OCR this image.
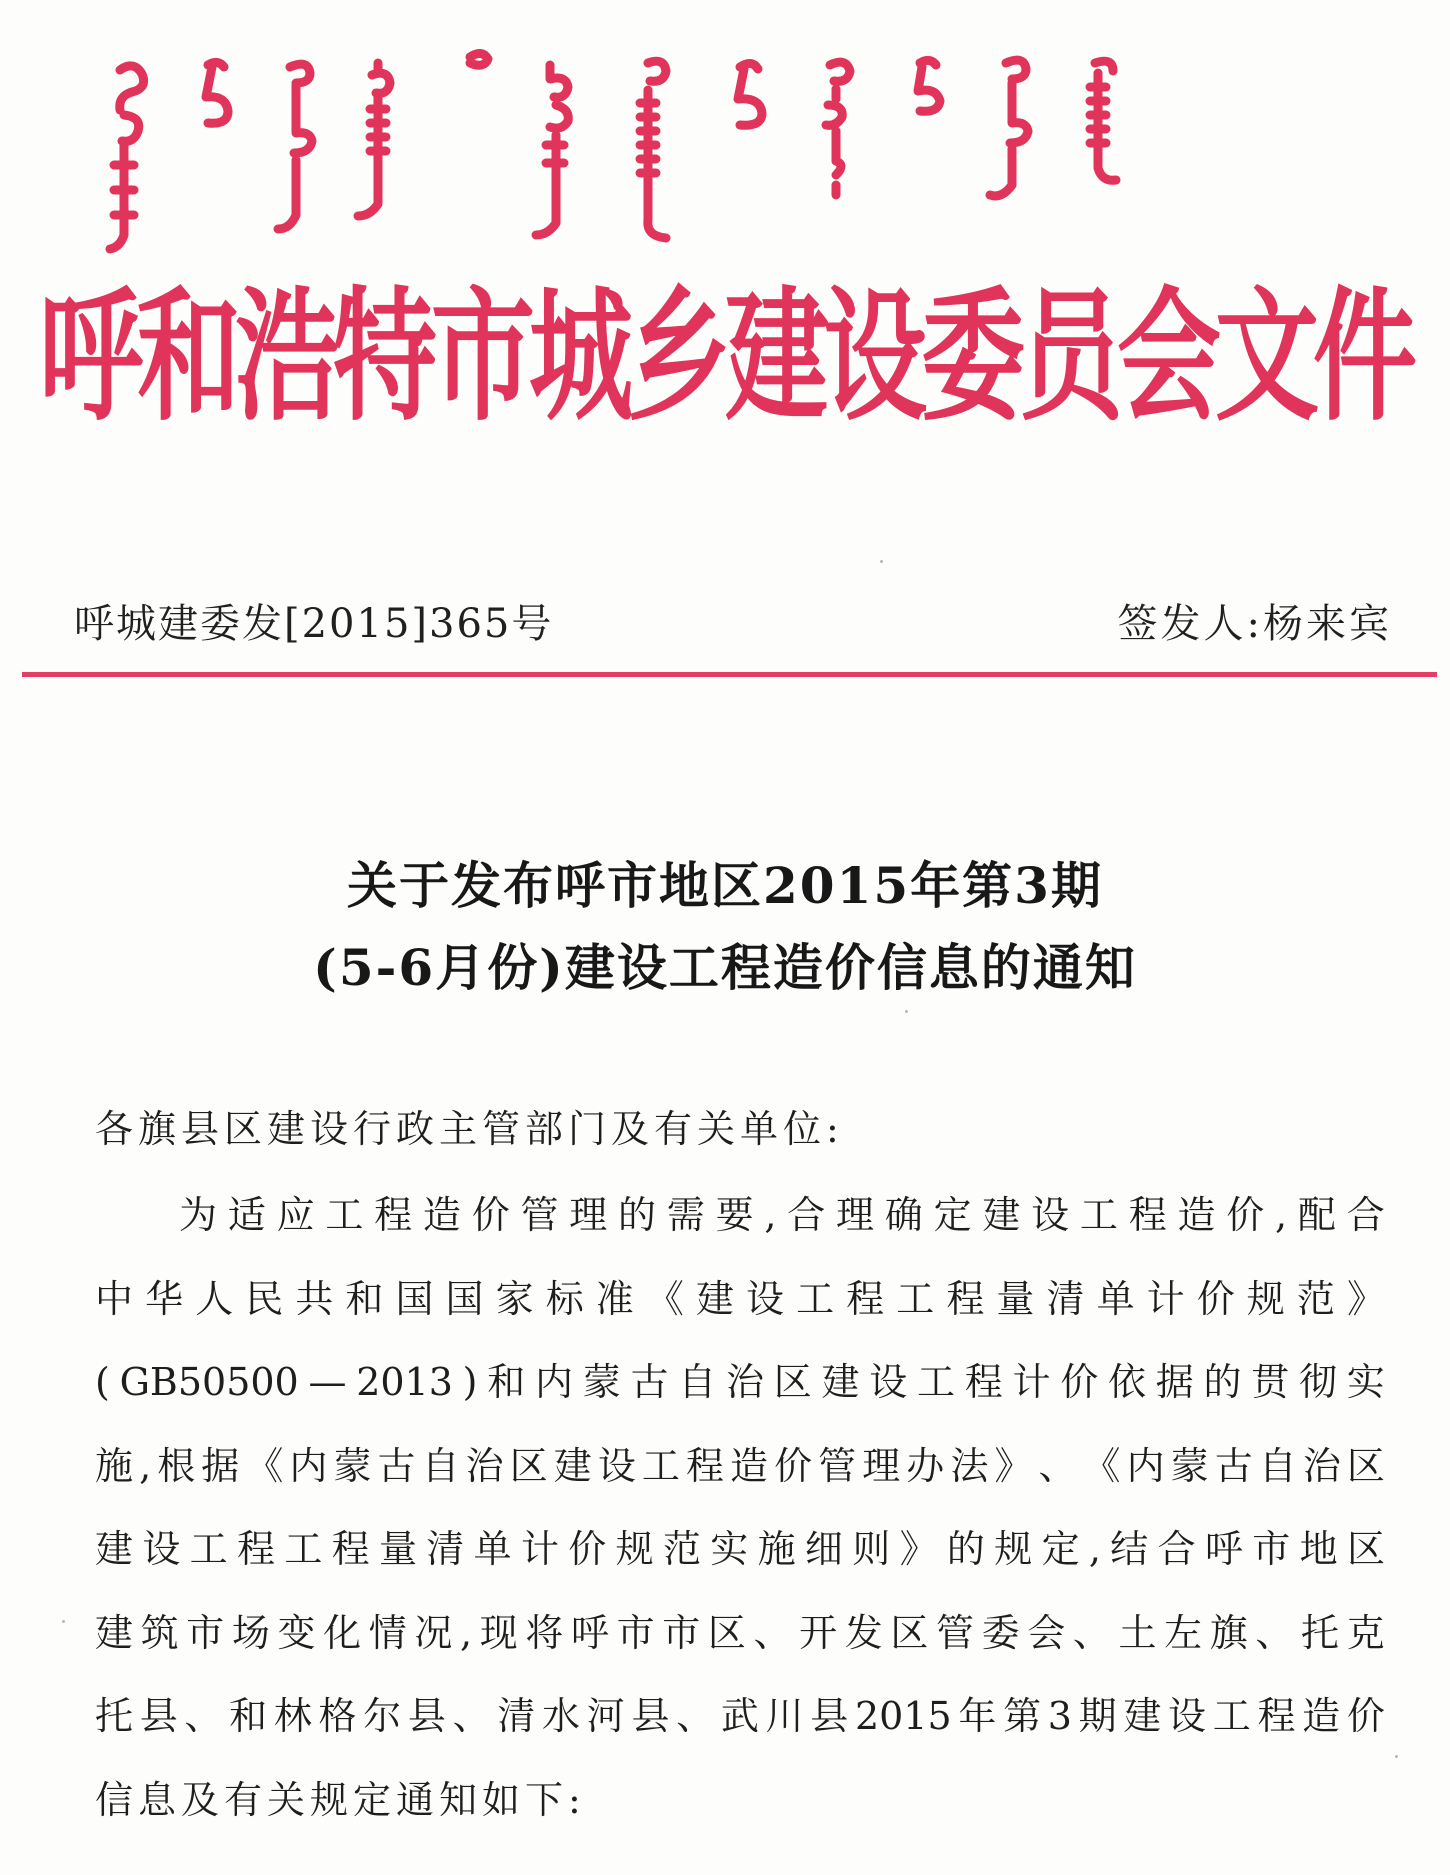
呼和浩特市城乡建设委员会文件
呼城建委发[2015]365号	签发人:杨来宾
关于发布呼市地区2015年第3期
(5-6月份)建设工程造价信息的通知
各旗县区建设行政主管部门及有关单位:
为 适 应 工 程 造 价 管 理 的 需 要 , 合 理 确 定 建 设 工 程 造 价 , 配 合
中 华 人 民 共 和 国 国 家 标 准 《 建 设 工 程 工 程 量 清 单 计 价 规 范 》
( GB50500 — 2013 ) 和 内 蒙 古 自 治 区 建 设 工 程 计 价 依 据 的 贯 彻 实
施 , 根 据 《 内 蒙 古 自 治 区 建 设 工 程 造 价 管 理 办 法 》 、 《 内 蒙 古 自 治 区
建 设 工 程 工 程 量 清 单 计 价 规 范 实 施 细 则 》 的 规 定 , 结 合 呼 市 地 区
建 筑 市 场 变 化 情 况 , 现 将 呼 市 市 区 、 开 发 区 管 委 会 、 土 左 旗 、 托 克
托 县 、 和 林 格 尔 县 、 清 水 河 县 、 武 川 县 2015 年 第 3 期 建 设 工 程 造 价
信息及有关规定通知如下:
